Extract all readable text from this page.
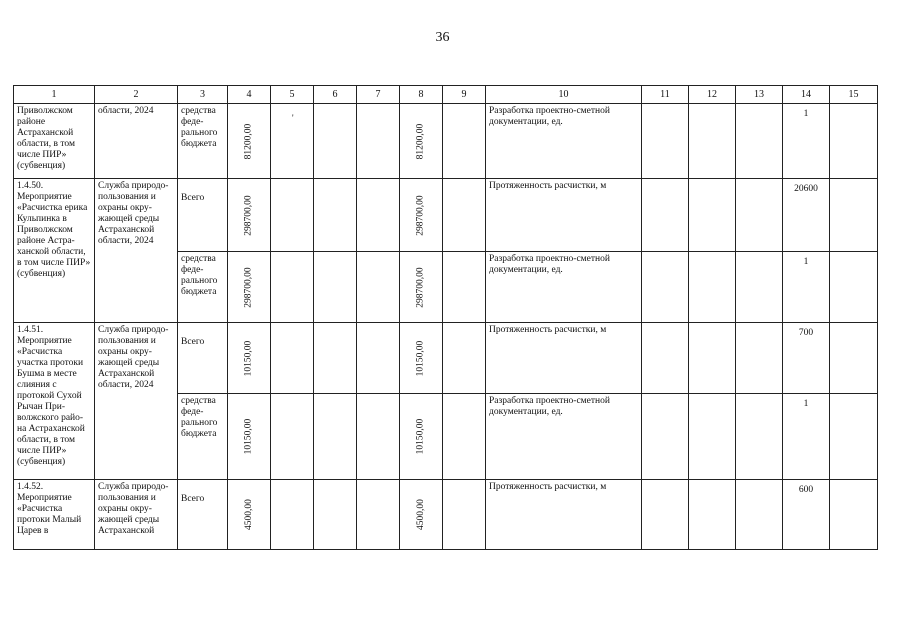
36
'
1	2	3	4	5	6	7	8	9	10	11	12	13	14	15
Приволжском районе Астраханской области, в том числе ПИР» (субвенция)	области, 2024	средства феде-рального бюджета	81200,00				81200,00		Разработка проектно-сметной документации, ед.				1	
1.4.50. Мероприятие «Расчистка ерика Кульпинка в Приволжском районе Астра-ханской области, в том числе ПИР» (субвенция)	Служба природо-пользования и охраны окру-жающей среды Астраханской области, 2024	Всего	298700,00				298700,00		Протяженность расчистки, м				20600	
		средства феде-рального бюджета	298700,00				298700,00		Разработка проектно-сметной документации, ед.				1	
1.4.51. Мероприятие «Расчистка участка протоки Бушма в месте слияния с протокой Сухой Рычан При-волжского райо-на Астраханской области, в том числе ПИР» (субвенция)	Служба природо-пользования и охраны окру-жающей среды Астраханской области, 2024	Всего	10150,00				10150,00		Протяженность расчистки, м				700	
		средства феде-рального бюджета	10150,00				10150,00		Разработка проектно-сметной документации, ед.				1	
1.4.52. Мероприятие «Расчистка протоки Малый Царев в	Служба природо-пользования и охраны окру-жающей среды Астраханской	Всего	4500,00				4500,00		Протяженность расчистки, м				600	
